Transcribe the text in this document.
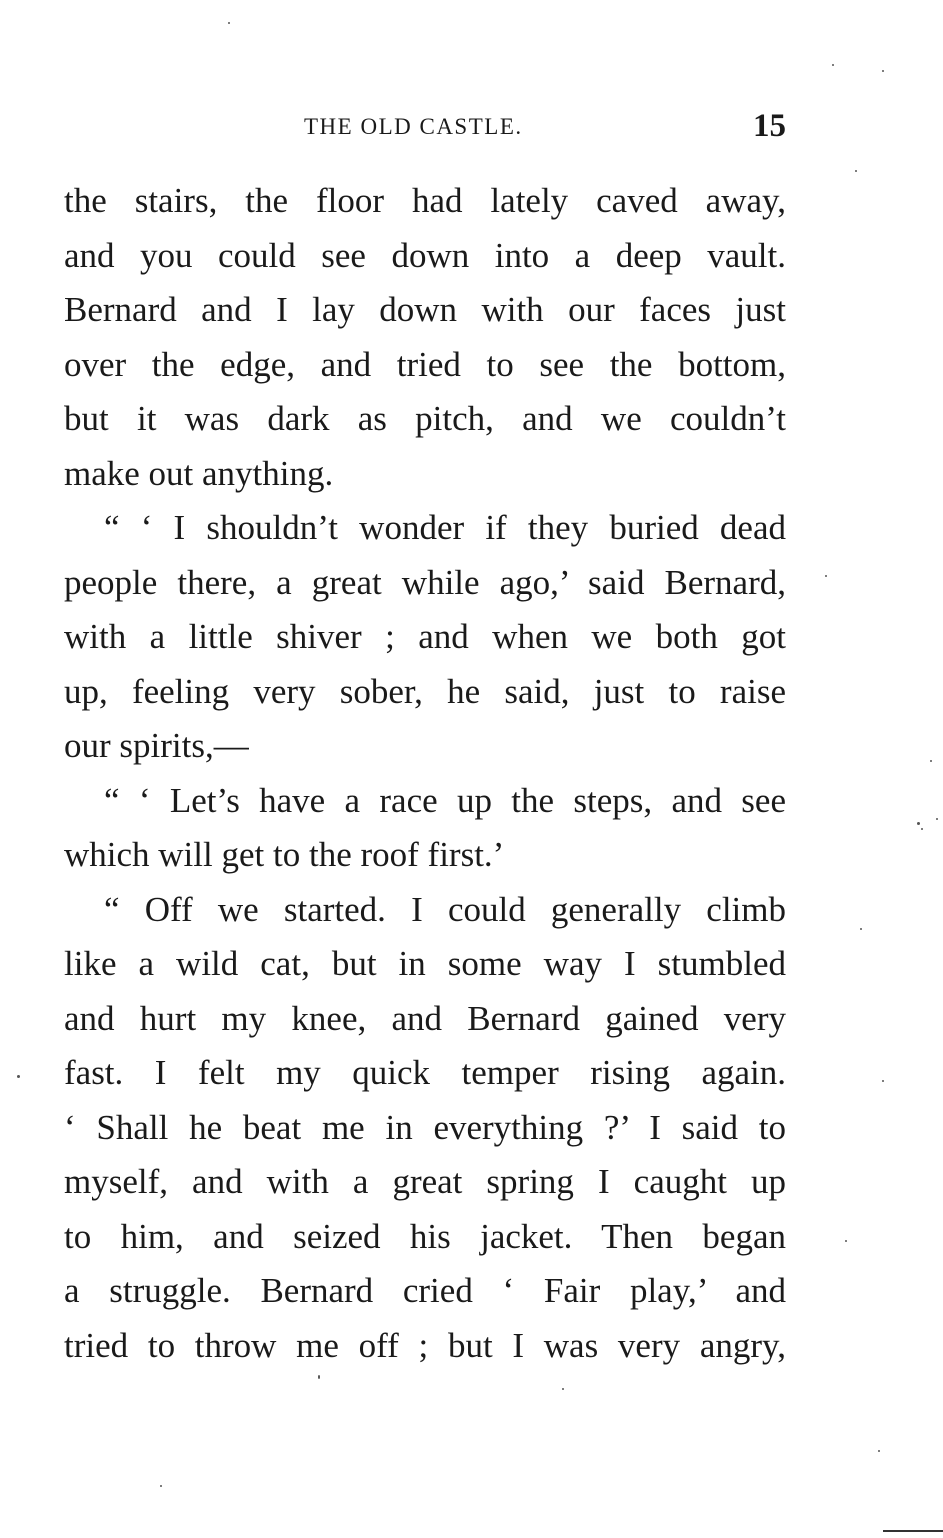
THE OLD CASTLE.	15
the stairs, the floor had lately caved away,
and you could see down into a deep vault.
Bernard and I lay down with our faces just
over the edge, and tried to see the bottom,
but it was dark as pitch, and we couldn’t
make out anything.
“ ‘ I shouldn’t wonder if they buried dead
people there, a great while ago,’ said Bernard,
with a little shiver ; and when we both got
up, feeling very sober, he said, just to raise
our spirits,—
“ ‘ Let’s have a race up the steps, and see
which will get to the roof first.’
“ Off we started. I could generally climb
like a wild cat, but in some way I stumbled
and hurt my knee, and Bernard gained very
fast. I felt my quick temper rising again.
‘ Shall he beat me in everything ?’ I said to
myself, and with a great spring I caught up
to him, and seized his jacket. Then began
a struggle. Bernard cried ‘ Fair play,’ and
tried to throw me off ; but I was very angry,
